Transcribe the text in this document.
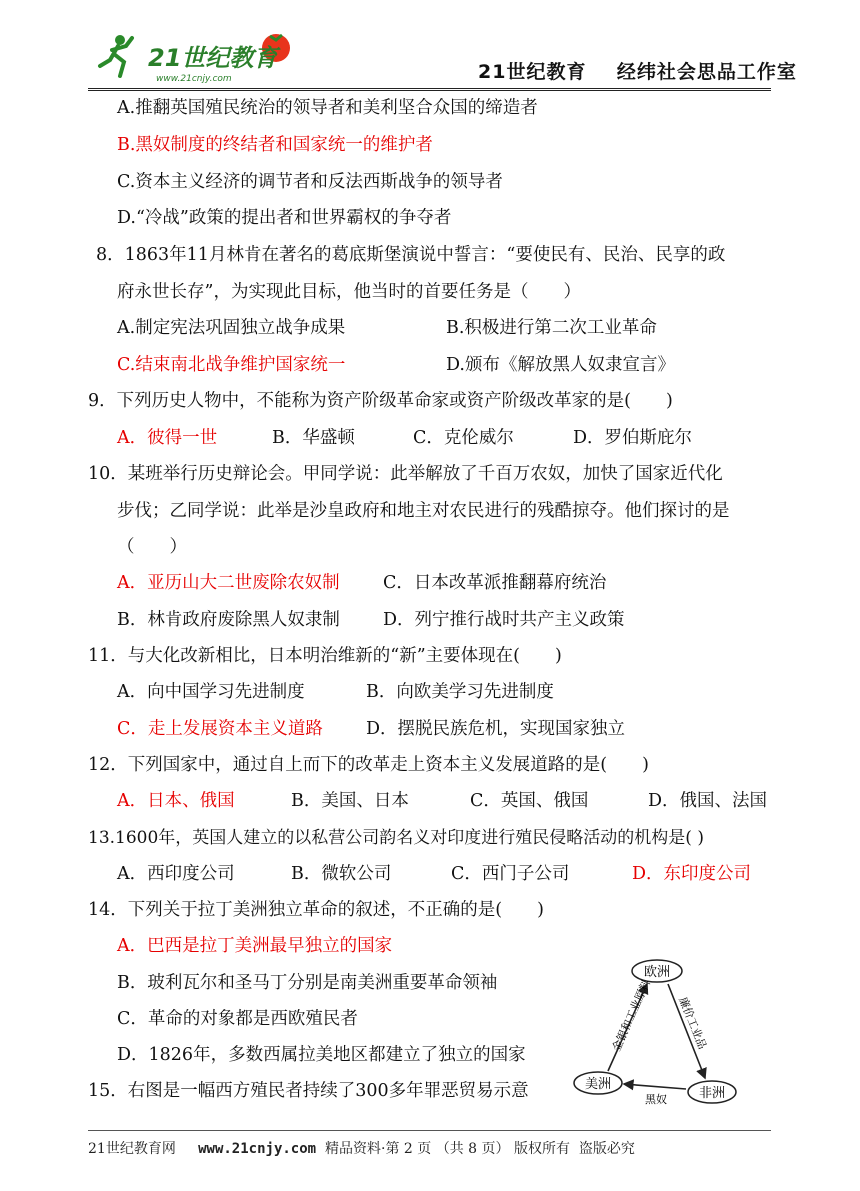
21世纪教育
www.21cnjy.com	21世纪教育    经纬社会思品工作室
A.推翻英国殖民统治的领导者和美利坚合众国的缔造者
B.黑奴制度的终结者和国家统一的维护者
C.资本主义经济的调节者和反法西斯战争的领导者
D.“冷战”政策的提出者和世界霸权的争夺者
8．1863年11月林肯在著名的葛底斯堡演说中誓言：“要使民有、民治、民享的政
府永世长存”，为实现此目标，他当时的首要任务是（　　）
A.制定宪法巩固独立战争成果	B.积极进行第二次工业革命
C.结束南北战争维护国家统一	D.颁布《解放黑人奴隶宣言》
9．下列历史人物中，不能称为资产阶级革命家或资产阶级改革家的是(　　)
A．彼得一世	B．华盛顿	C．克伦威尔	D．罗伯斯庇尔
10．某班举行历史辩论会。甲同学说：此举解放了千百万农奴，加快了国家近代化
步伐；乙同学说：此举是沙皇政府和地主对农民进行的残酷掠夺。他们探讨的是
（　　）
A．亚历山大二世废除农奴制 C．日本改革派推翻幕府统治
B．林肯政府废除黑人奴隶制 D．列宁推行战时共产主义政策
11．与大化改新相比，日本明治维新的“新”主要体现在(　　)
A．向中国学习先进制度	B．向欧美学习先进制度
C．走上发展资本主义道路 D．摆脱民族危机，实现国家独立
12．下列国家中，通过自上而下的改革走上资本主义发展道路的是(　　)
A．日本、俄国	B．美国、日本	C．英国、俄国	D．俄国、法国
13.1600年，英国人建立的以私营公司韵名义对印度进行殖民侵略活动的机构是( )
A．西印度公司	B．微软公司	C．西门子公司	D．东印度公司
14．下列关于拉丁美洲独立革命的叙述，不正确的是(　　)
A．巴西是拉丁美洲最早独立的国家
B．玻利瓦尔和圣马丁分别是南美洲重要革命领袖
C．革命的对象都是西欧殖民者
D．1826年，多数西属拉美地区都建立了独立的国家
15．右图是一幅西方殖民者持续了300多年罪恶贸易示意
欧洲
美洲
非洲
金银和工业原料 廉价工业品
黑奴
21世纪教育网 www.21cnjy.com 精品资料·第 2 页 （共 8 页） 版权所有  盗版必究
